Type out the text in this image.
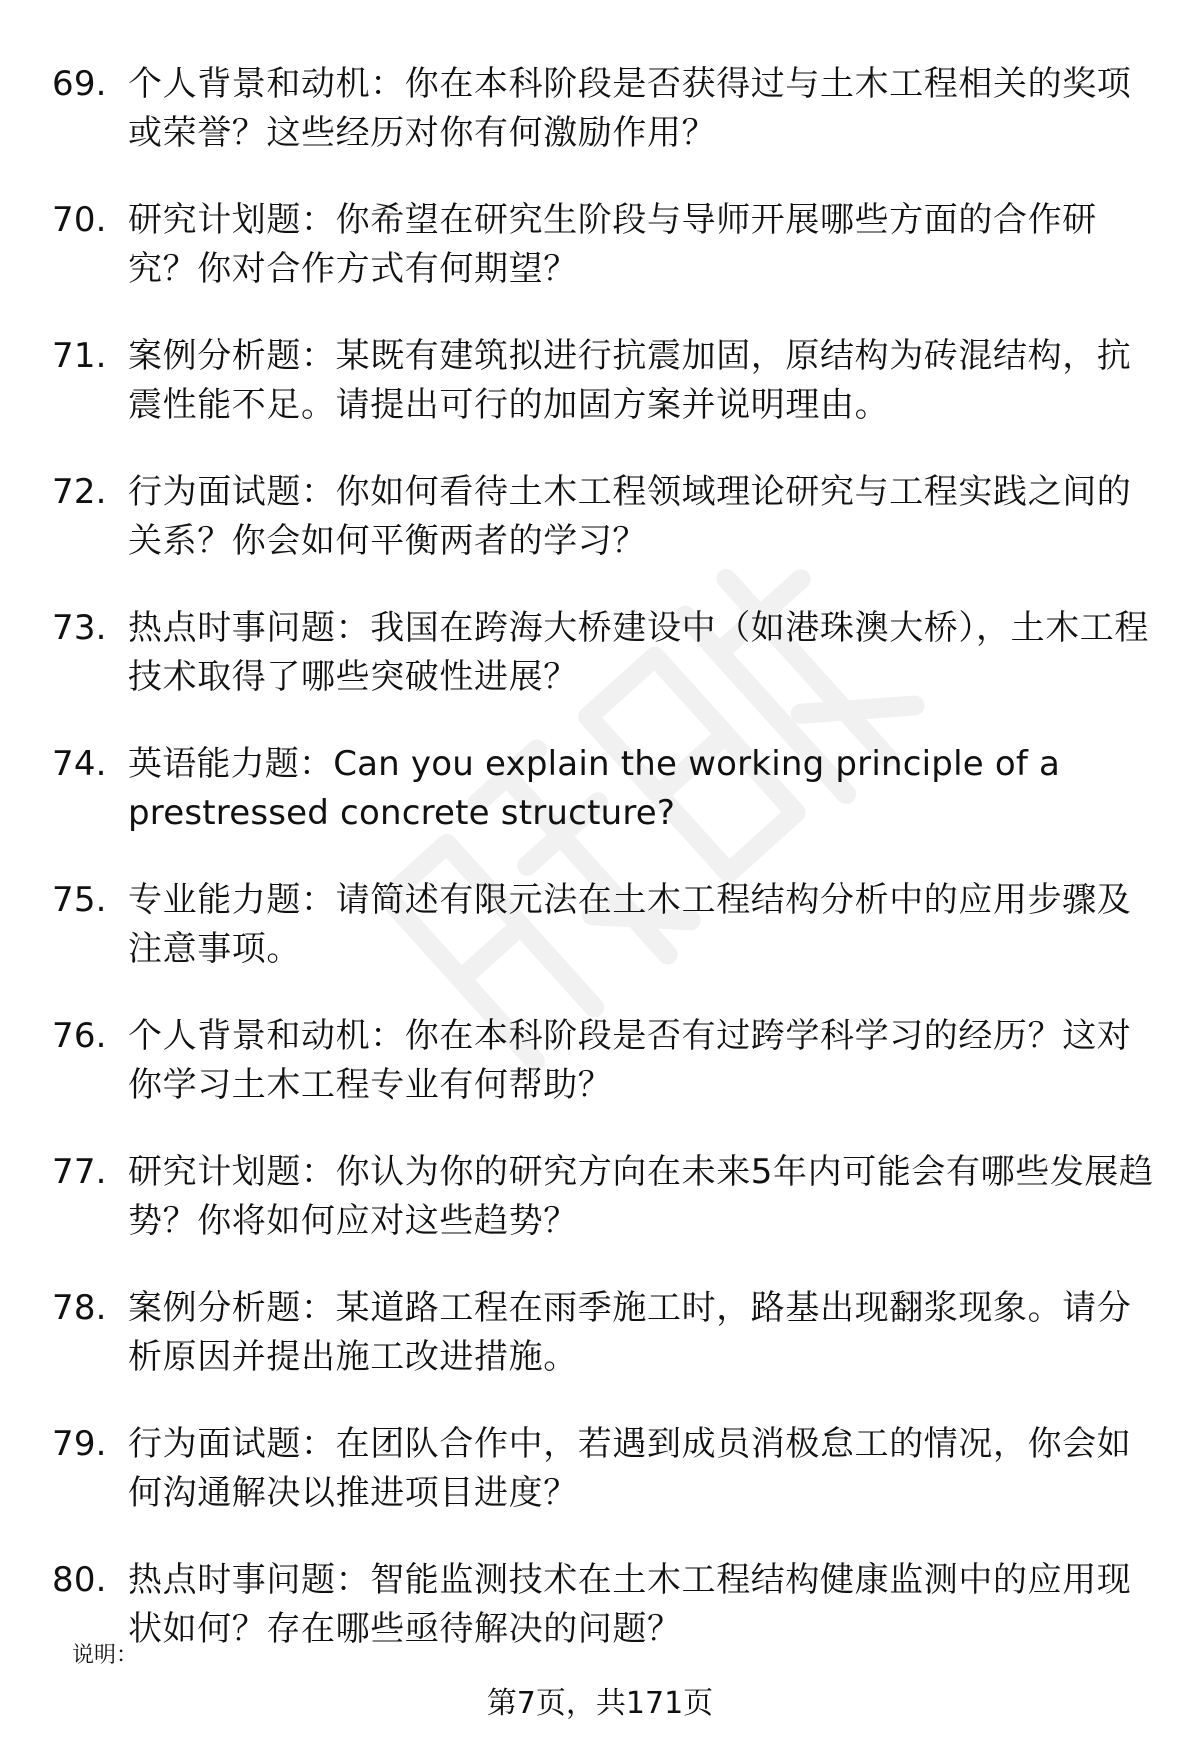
69. 个人背景和动机：你在本科阶段是否获得过与土木工程相关的奖项或荣誉？这些经历对你有何激励作用？
70. 研究计划题：你希望在研究生阶段与导师开展哪些方面的合作研究？你对合作方式有何期望？
71. 案例分析题：某既有建筑拟进行抗震加固，原结构为砖混结构，抗震性能不足。请提出可行的加固方案并说明理由。
72. 行为面试题：你如何看待土木工程领域理论研究与工程实践之间的关系？你会如何平衡两者的学习？
73. 热点时事问题：我国在跨海大桥建设中（如港珠澳大桥），土木工程技术取得了哪些突破性进展？
74. 英语能力题：Can you explain the working principle of a prestressed concrete structure?
75. 专业能力题：请简述有限元法在土木工程结构分析中的应用步骤及注意事项。
76. 个人背景和动机：你在本科阶段是否有过跨学科学习的经历？这对你学习土木工程专业有何帮助？
77. 研究计划题：你认为你的研究方向在未来5年内可能会有哪些发展趋势？你将如何应对这些趋势？
78. 案例分析题：某道路工程在雨季施工时，路基出现翻浆现象。请分析原因并提出施工改进措施。
79. 行为面试题：在团队合作中，若遇到成员消极怠工的情况，你会如何沟通解决以推进项目进度？
80. 热点时事问题：智能监测技术在土木工程结构健康监测中的应用现状如何？存在哪些亟待解决的问题？
说明：
第7页，共171页
